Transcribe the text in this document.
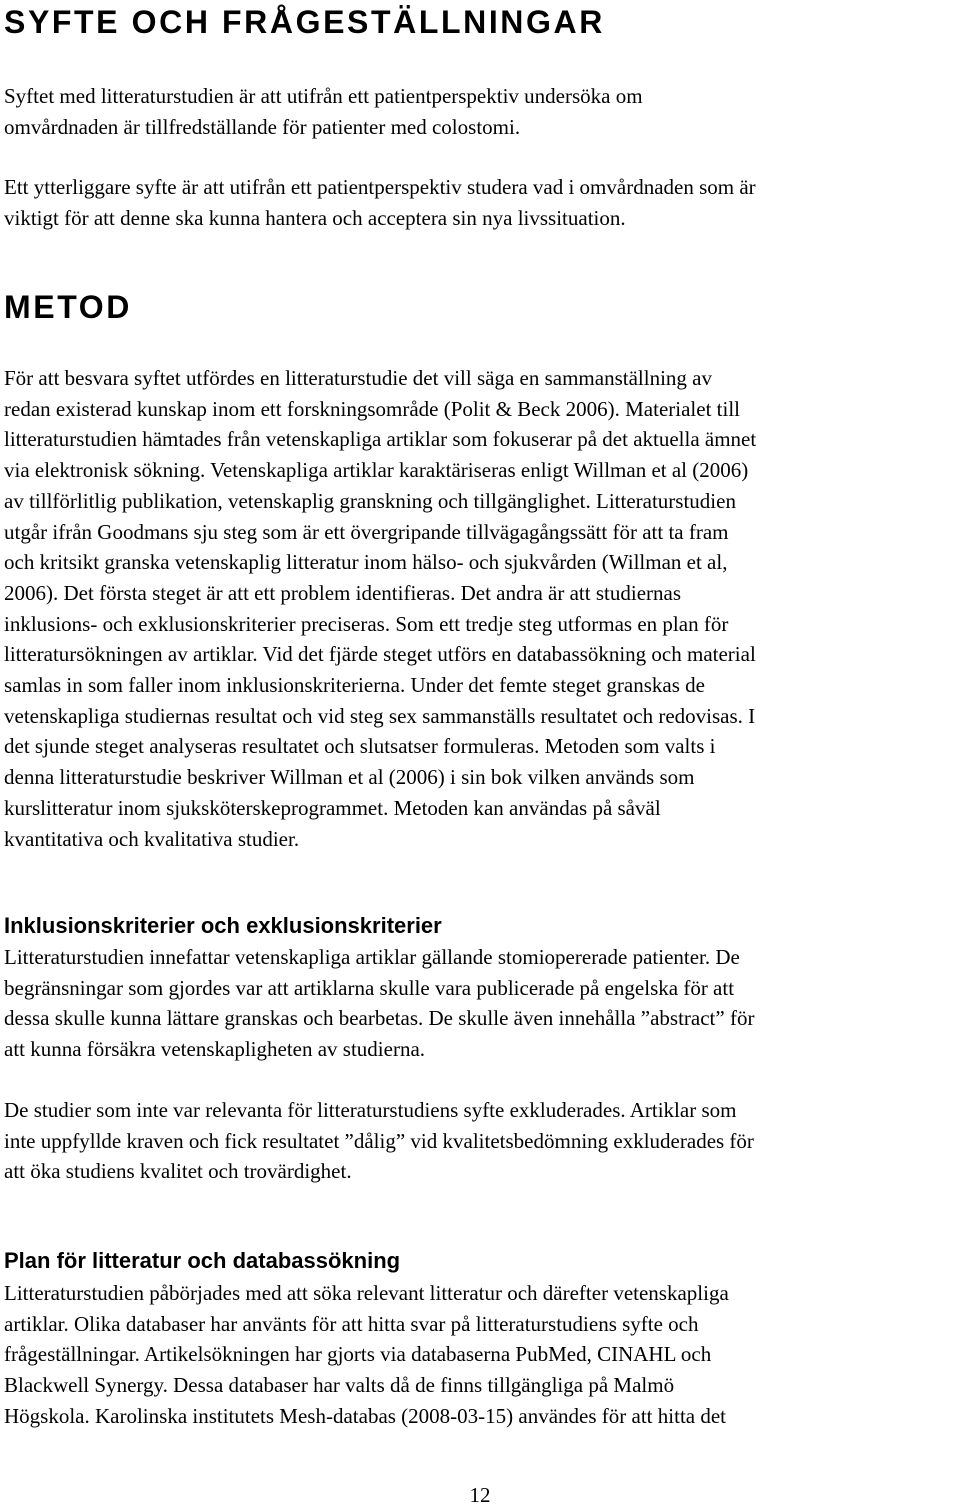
SYFTE OCH FRÅGESTÄLLNINGAR
Syftet med litteraturstudien är att utifrån ett patientperspektiv undersöka om
omvårdnaden är tillfredställande för patienter med colostomi.
Ett ytterliggare syfte är att utifrån ett patientperspektiv studera vad i omvårdnaden som är
viktigt för att denne ska kunna hantera och acceptera sin nya livssituation.
METOD
För att besvara syftet utfördes en litteraturstudie det vill säga en sammanställning av
redan existerad kunskap inom ett forskningsområde (Polit & Beck 2006). Materialet till
litteraturstudien hämtades från vetenskapliga artiklar som fokuserar på det aktuella ämnet
via elektronisk sökning. Vetenskapliga artiklar karaktäriseras enligt Willman et al (2006)
av tillförlitlig publikation, vetenskaplig granskning och tillgänglighet. Litteraturstudien
utgår ifrån Goodmans sju steg som är ett övergripande tillvägagångssätt för att ta fram
och kritsikt granska vetenskaplig litteratur inom hälso- och sjukvården (Willman et al,
2006). Det första steget är att ett problem identifieras. Det andra är att studiernas
inklusions- och exklusionskriterier preciseras. Som ett tredje steg utformas en plan för
litteratursökningen av artiklar. Vid det fjärde steget utförs en databassökning och material
samlas in som faller inom inklusionskriterierna. Under det femte steget granskas de
vetenskapliga studiernas resultat och vid steg sex sammanställs resultatet och redovisas. I
det sjunde steget analyseras resultatet och slutsatser formuleras. Metoden som valts i
denna litteraturstudie beskriver Willman et al (2006) i sin bok vilken används som
kurslitteratur inom sjuksköterskeprogrammet. Metoden kan användas på såväl
kvantitativa och kvalitativa studier.
Inklusionskriterier och exklusionskriterier
Litteraturstudien innefattar vetenskapliga artiklar gällande stomiopererade patienter. De
begränsningar som gjordes var att artiklarna skulle vara publicerade på engelska för att
dessa skulle kunna lättare granskas och bearbetas. De skulle även innehålla ”abstract” för
att kunna försäkra vetenskapligheten av studierna.
De studier som inte var relevanta för litteraturstudiens syfte exkluderades. Artiklar som
inte uppfyllde kraven och fick resultatet ”dålig” vid kvalitetsbedömning exkluderades för
att öka studiens kvalitet och trovärdighet.
Plan för litteratur och databassökning
Litteraturstudien påbörjades med att söka relevant litteratur och därefter vetenskapliga
artiklar. Olika databaser har använts för att hitta svar på litteraturstudiens syfte och
frågeställningar. Artikelsökningen har gjorts via databaserna PubMed, CINAHL och
Blackwell Synergy. Dessa databaser har valts då de finns tillgängliga på Malmö
Högskola. Karolinska institutets Mesh-databas (2008-03-15) användes för att hitta det
12
